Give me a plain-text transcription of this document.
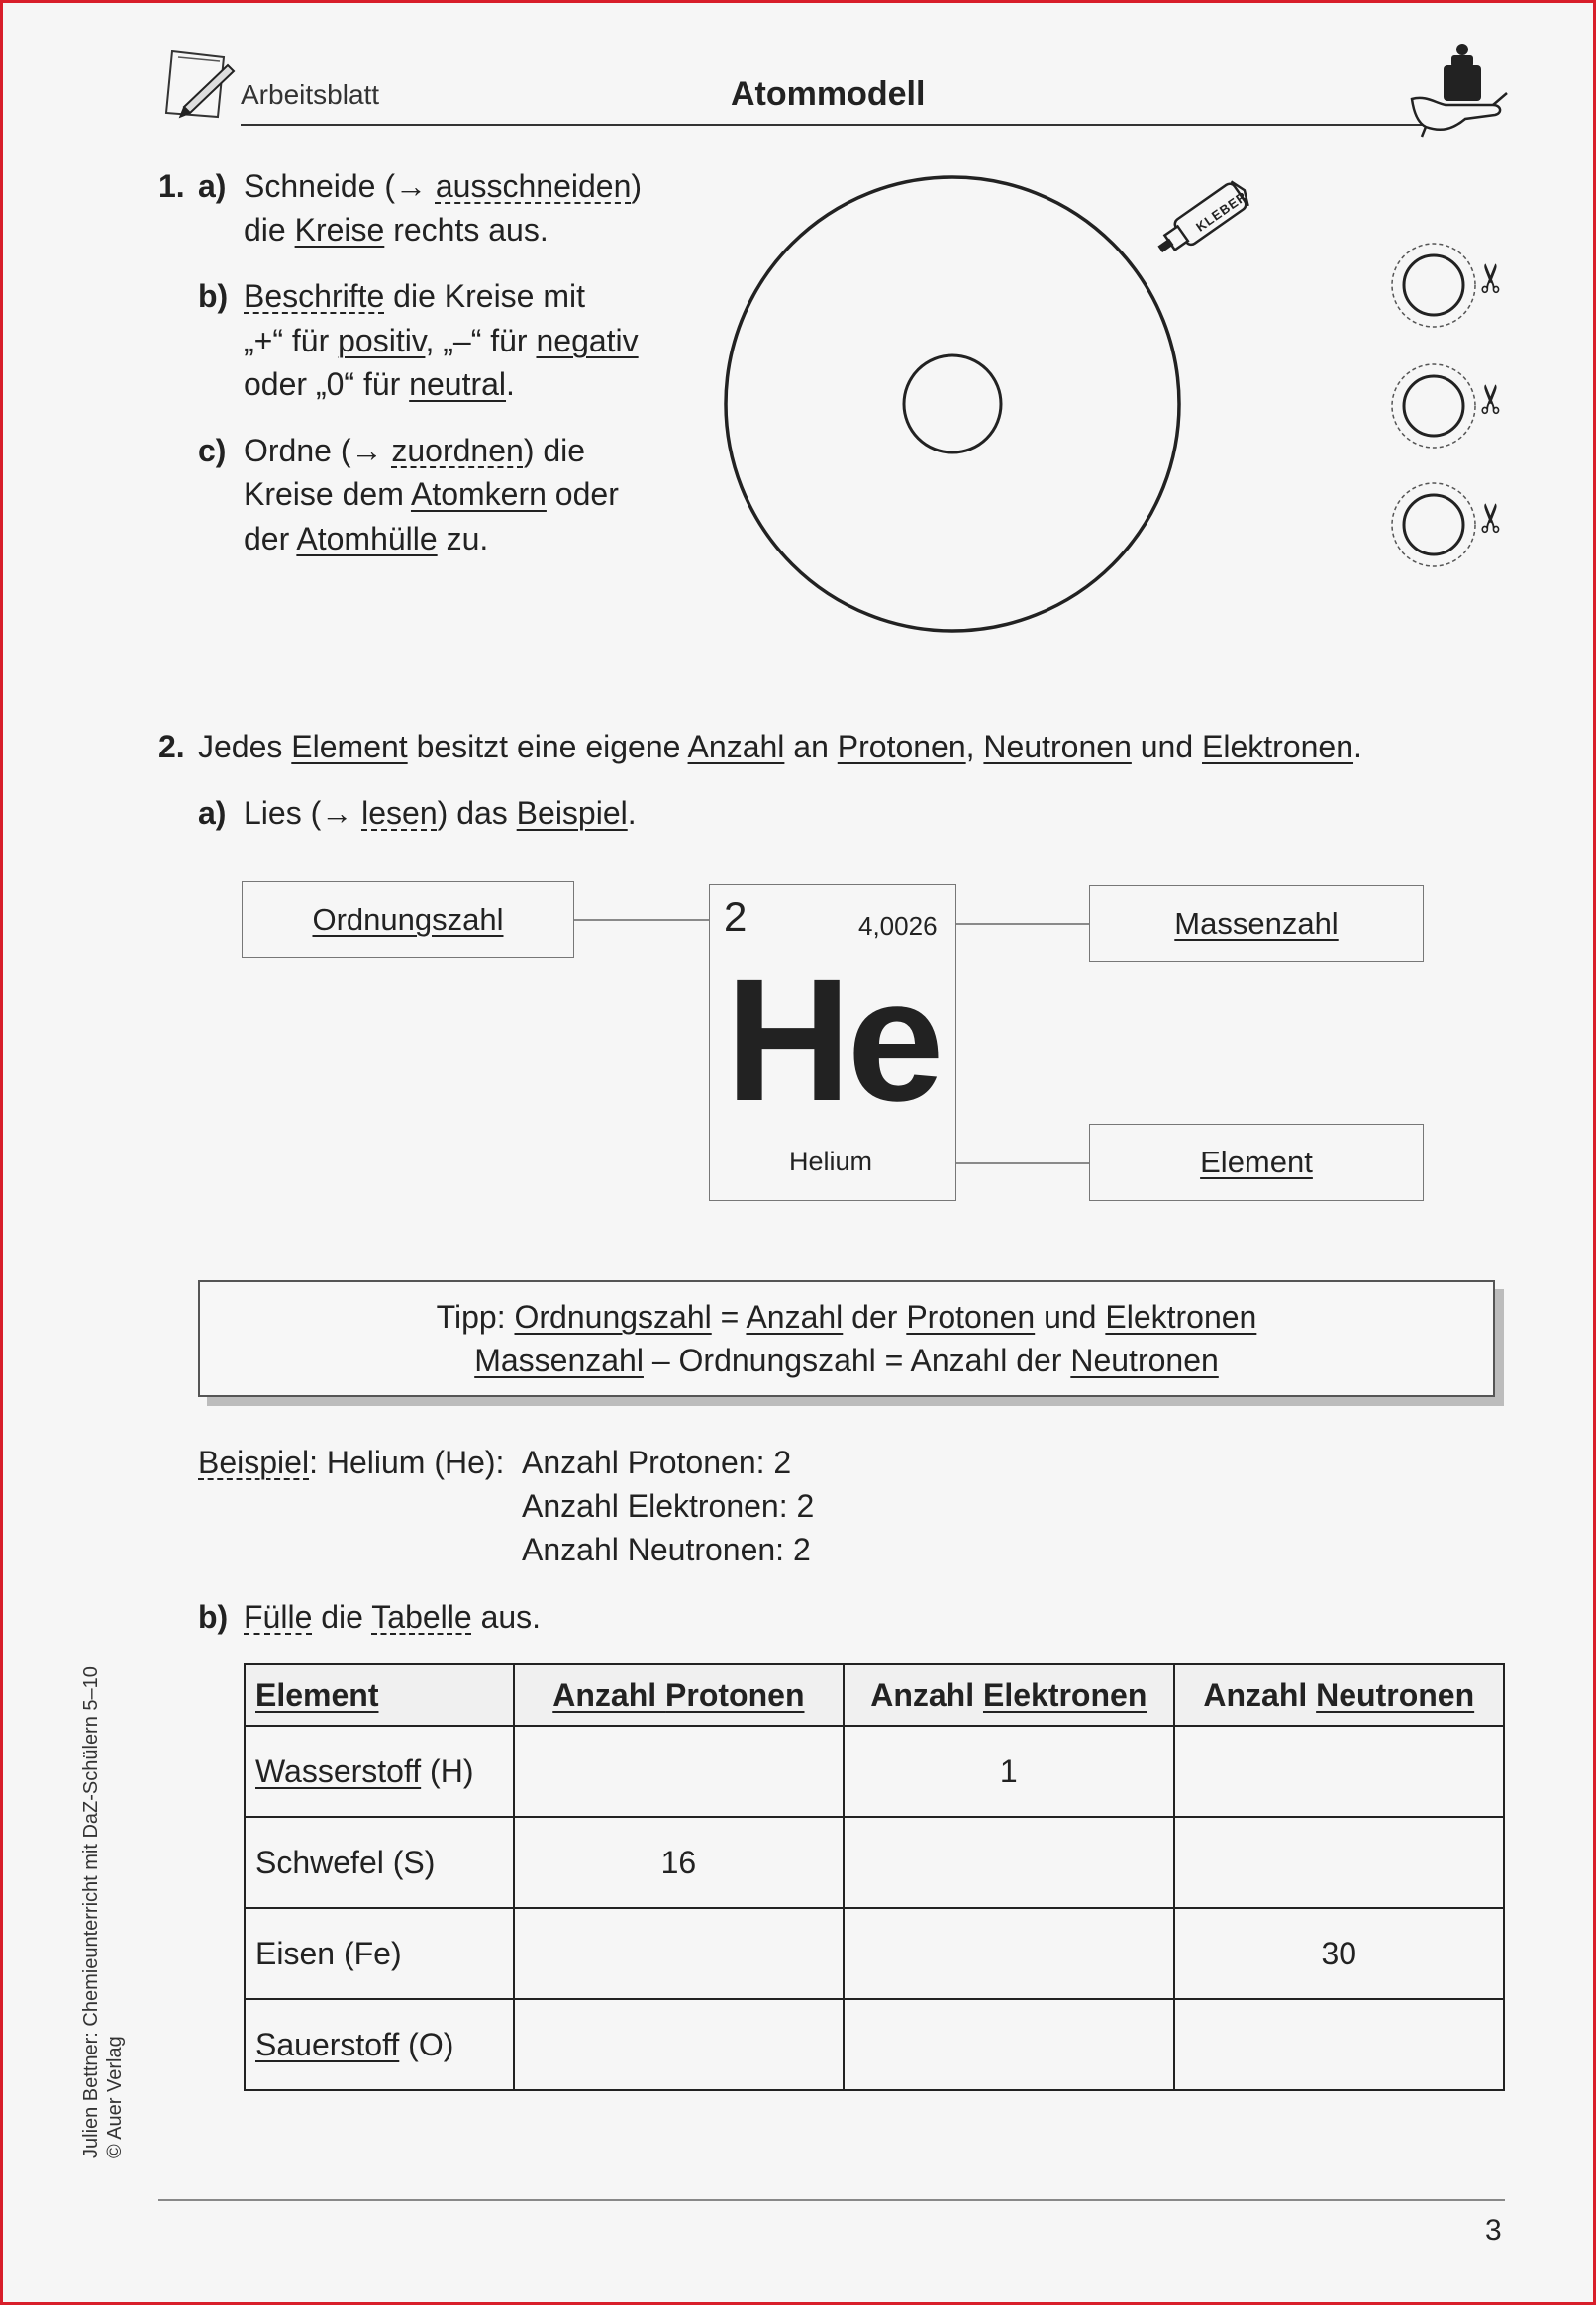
Arbeitsblatt	Atommodell
1. a) Schneide (→ ausschneiden)
die Kreise rechts aus.
b) Beschrifte die Kreise mit
„+“ für positiv, „–“ für negativ
oder „0“ für neutral.
c) Ordne (→ zuordnen) die
Kreise dem Atomkern oder
der Atomhülle zu.
KLEBER
✂
✂
✂
2. Jedes Element besitzt eine eigene Anzahl an Protonen, Neutronen und Elektronen.
a) Lies (→ lesen) das Beispiel.
Ordnungszahl	Massenzahl
Element
2	4,0026
He
Helium
Tipp: Ordnungszahl = Anzahl der Protonen und Elektronen
Massenzahl – Ordnungszahl = Anzahl der Neutronen
Beispiel: Helium (He): Anzahl Protonen: 2
Anzahl Elektronen: 2
Anzahl Neutronen: 2
b) Fülle die Tabelle aus.
Element	Anzahl Protonen	Anzahl Elektronen	Anzahl Neutronen
Wasserstoff (H)		1	
Schwefel (S)	16		
Eisen (Fe)			30
Sauerstoff (O)			
Julien Bettner: Chemieunterricht mit DaZ-Schülern 5–10 © Auer Verlag
3
